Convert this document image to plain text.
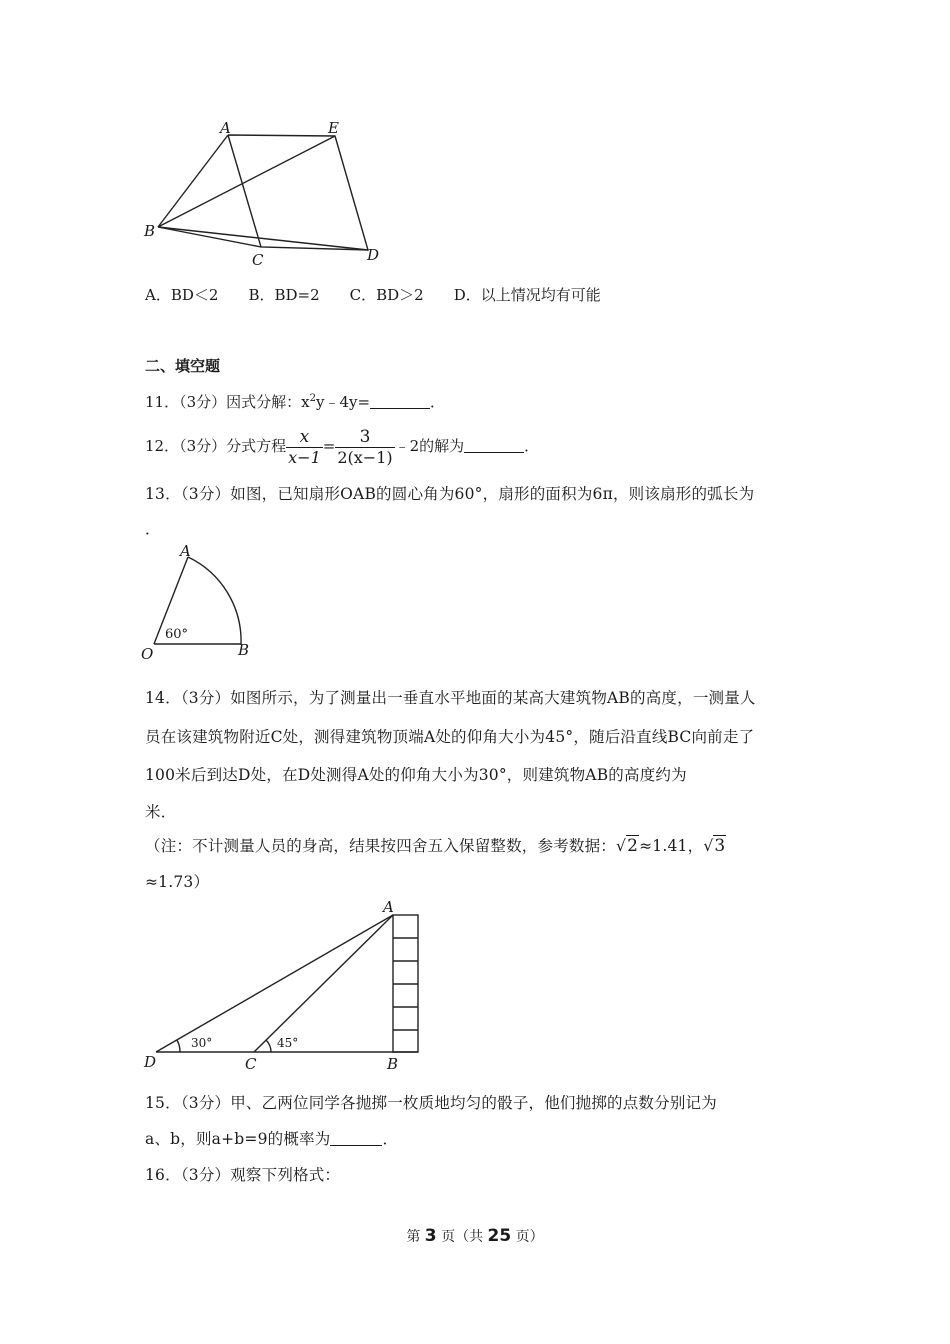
A	E
B
C	D
A．BD＜2 B．BD=2 C．BD＞2 D．以上情况均有可能
二、填空题
11．（3分）因式分解：$x^2y﹣4y=$	．
12．（3分）分式方程 $\frac{x}{x-1} = \frac{3}{2(x-1)}$ ﹣2的解为	．
13．（3分）如图，已知扇形OAB的圆心角为60°，扇形的面积为6π，则该扇形的弧长为
．
A
O	B
60°
14．（3分）如图所示，为了测量出一垂直水平地面的某高大建筑物AB的高度，一测量人
员在该建筑物附近C处，测得建筑物顶端A处的仰角大小为45°，随后沿直线BC向前走了
100米后到达D处，在D处测得A处的仰角大小为30°，则建筑物AB的高度约为
米．
（注：不计测量人员的身高，结果按四舍五入保留整数，参考数据：√2≈1.41，√3
≈1.73）
A
D	C	B
30°	45°
15．（3分）甲、乙两位同学各抛掷一枚质地均匀的骰子，他们抛掷的点数分别记为
a、b，则a+b=9的概率为	．
16．（3分）观察下列格式：
第 3 页（共 25 页）
